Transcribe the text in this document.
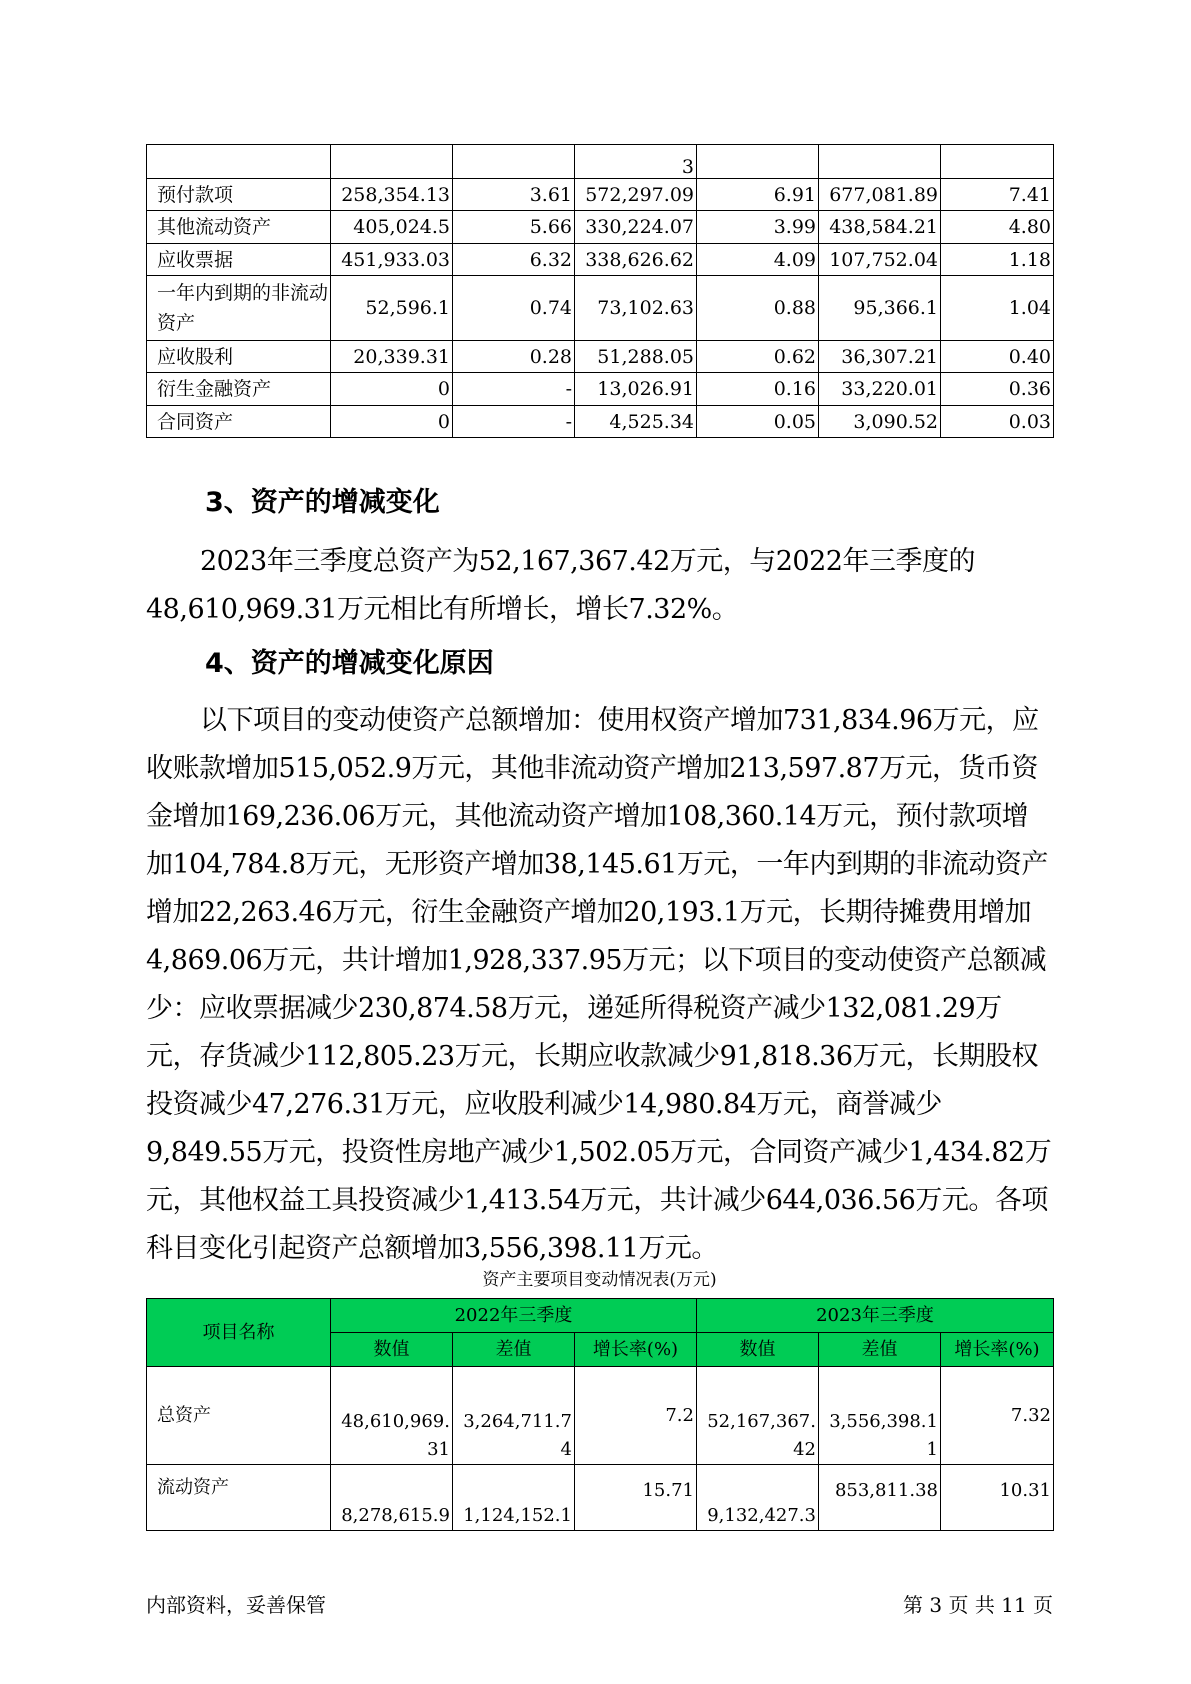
			3			
预付款项	258,354.13	3.61	572,297.09	6.91	677,081.89	7.41
其他流动资产	405,024.5	5.66	330,224.07	3.99	438,584.21	4.80
应收票据	451,933.03	6.32	338,626.62	4.09	107,752.04	1.18
一年内到期的非流动资产	52,596.1	0.74	73,102.63	0.88	95,366.1	1.04
应收股利	20,339.31	0.28	51,288.05	0.62	36,307.21	0.40
衍生金融资产	0	-	13,026.91	0.16	33,220.01	0.36
合同资产	0	-	4,525.34	0.05	3,090.52	0.03
3、资产的增减变化
2023年三季度总资产为52,167,367.42万元，与2022年三季度的48,610,969.31万元相比有所增长，增长7.32%。
4、资产的增减变化原因
以下项目的变动使资产总额增加：使用权资产增加731,834.96万元，应收账款增加515,052.9万元，其他非流动资产增加213,597.87万元，货币资金增加169,236.06万元，其他流动资产增加108,360.14万元，预付款项增加104,784.8万元，无形资产增加38,145.61万元，一年内到期的非流动资产增加22,263.46万元，衍生金融资产增加20,193.1万元，长期待摊费用增加4,869.06万元，共计增加1,928,337.95万元；以下项目的变动使资产总额减少：应收票据减少230,874.58万元，递延所得税资产减少132,081.29万元，存货减少112,805.23万元，长期应收款减少91,818.36万元，长期股权投资减少47,276.31万元，应收股利减少14,980.84万元，商誉减少9,849.55万元，投资性房地产减少1,502.05万元，合同资产减少1,434.82万元，其他权益工具投资减少1,413.54万元，共计减少644,036.56万元。各项科目变化引起资产总额增加3,556,398.11万元。
资产主要项目变动情况表(万元)
项目名称	2022年三季度			2023年三季度		
	数值	差值	增长率(%)	数值	差值	增长率(%)
总资产	48,610,969.31	3,264,711.74	7.2	52,167,367.42	3,556,398.11	7.32
流动资产	8,278,615.9	1,124,152.1	15.71	9,132,427.3	853,811.38	10.31
内部资料，妥善保管	第 3 页 共 11 页
